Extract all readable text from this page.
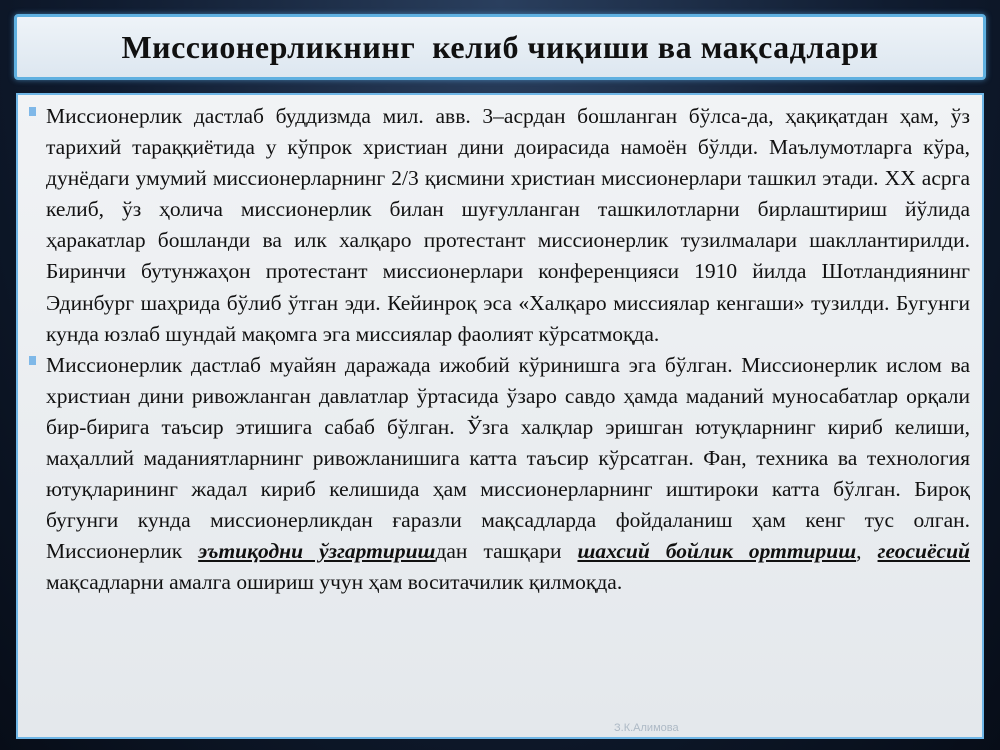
Миссионерликнинг  келиб чиқиши ва мақсадлари

Миссионерлик дастлаб буддизмда мил. авв. 3–асрдан бошланган бўлса-да, ҳақиқатдан ҳам, ўз тарихий тараққиётида у кўпрок христиан дини доирасида намоён бўлди. Маълумотларга кўра, дунёдаги умумий миссионерларнинг 2/3 қисмини христиан миссионерлари ташкил этади. XX асрга келиб, ўз ҳолича миссионерлик билан шуғулланган ташкилотларни бирлаштириш йўлида ҳаракатлар бошланди ва илк халқаро протестант миссионерлик тузилмалари шакллантирилди. Биринчи бутунжаҳон протестант миссионерлари конференцияси 1910 йилда Шотландиянинг Эдинбург шаҳрида бўлиб ўтган эди. Кейинроқ эса «Халқаро миссиялар кенгаши» тузилди. Бугунги кунда юзлаб шундай мақомга эга миссиялар фаолият кўрсатмоқда.

Миссионерлик дастлаб муайян даражада ижобий кўринишга эга бўлган. Миссионерлик ислом ва христиан дини ривожланган давлатлар ўртасида ўзаро савдо ҳамда маданий муносабатлар орқали бир-бирига таъсир этишига сабаб бўлган. Ўзга халқлар эришган ютуқларнинг кириб келиши, маҳаллий маданиятларнинг ривожланишига катта таъсир кўрсатган. Фан, техника ва технология ютуқларининг жадал кириб келишида ҳам миссионерларнинг иштироки катта бўлган. Бироқ бугунги кунда миссионерликдан ғаразли мақсадларда фойдаланиш ҳам кенг тус олган. Миссионерлик эътиқодни ўзгартиришдан ташқари шахсий бойлик орттириш, геосиёсий мақсадларни амалга ошириш учун ҳам воситачилик қилмоқда.

З.К.Алимова
